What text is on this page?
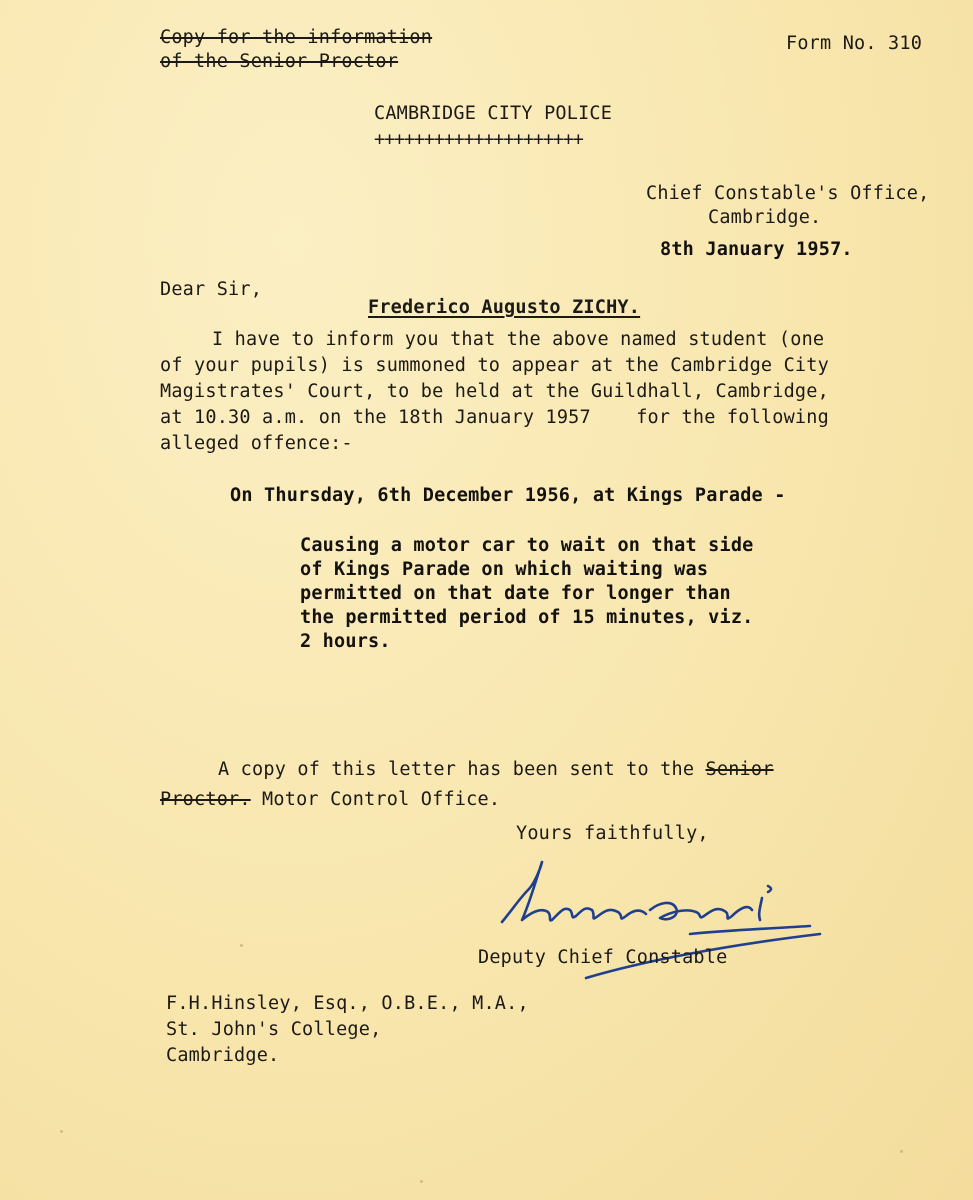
Copy for the information
of the Senior Proctor
Form No. 310
CAMBRIDGE CITY POLICE
+++++++++++++++++++++
Chief Constable's Office,
Cambridge.
8th January 1957.
Dear Sir,
Frederico Augusto ZICHY.
I have to inform you that the above named student (one
of your pupils) is summoned to appear at the Cambridge City
Magistrates' Court, to be held at the Guildhall, Cambridge,
at 10.30 a.m. on the 18th January 1957    for the following
alleged offence:-
On Thursday, 6th December 1956, at Kings Parade -
Causing a motor car to wait on that side
of Kings Parade on which waiting was
permitted on that date for longer than
the permitted period of 15 minutes, viz.
2 hours.
A copy of this letter has been sent to the Senior
Proctor. Motor Control Office.
Yours faithfully,
Deputy Chief Constable
F.H.Hinsley, Esq., O.B.E., M.A.,
St. John's College,
Cambridge.
